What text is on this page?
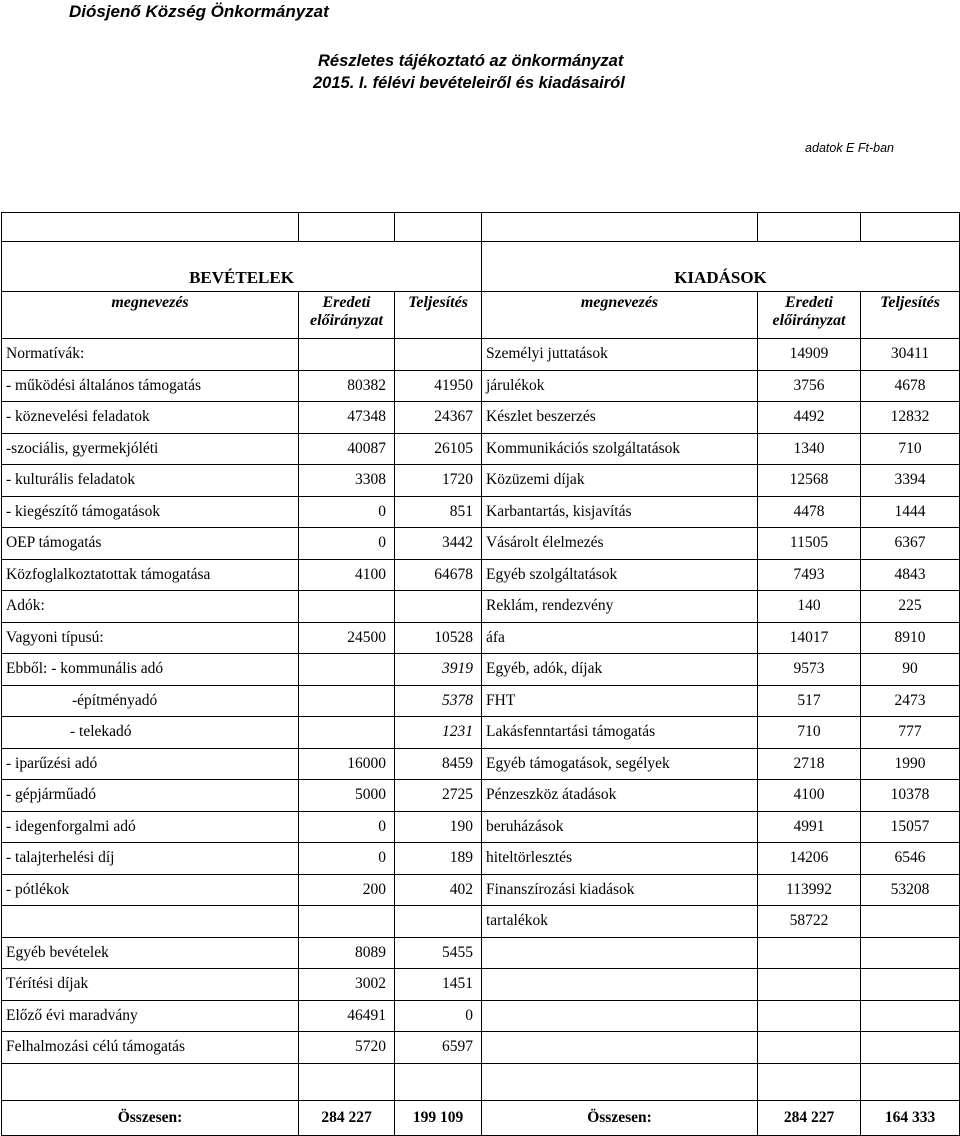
Diósjenő Község Önkormányzat
Részletes tájékoztató az önkormányzat
2015. I. félévi bevételeiről és kiadásairól
adatok E Ft-ban

BEVÉTELEK			KIADÁSOK		
megnevezés	Eredeti előirányzat	Teljesítés	megnevezés	Eredeti előirányzat	Teljesítés
Normatívák:			Személyi juttatások	14909	30411
- működési általános támogatás	80382	41950	járulékok	3756	4678
- köznevelési feladatok	47348	24367	Készlet beszerzés	4492	12832
-szociális, gyermekjóléti	40087	26105	Kommunikációs szolgáltatások	1340	710
- kulturális feladatok	3308	1720	Közüzemi díjak	12568	3394
- kiegészítő támogatások	0	851	Karbantartás, kisjavítás	4478	1444
OEP támogatás	0	3442	Vásárolt élelmezés	11505	6367
Közfoglalkoztatottak támogatása	4100	64678	Egyéb szolgáltatások	7493	4843
Adók:			Reklám, rendezvény	140	225
Vagyoni típusú:	24500	10528	áfa	14017	8910
Ebből: - kommunális adó		3919	Egyéb, adók, díjak	9573	90
-építményadó		5378	FHT	517	2473
- telekadó		1231	Lakásfenntartási támogatás	710	777
- iparűzési adó	16000	8459	Egyéb támogatások, segélyek	2718	1990
- gépjárműadó	5000	2725	Pénzeszköz átadások	4100	10378
- idegenforgalmi adó	0	190	beruházások	4991	15057
- talajterhelési díj	0	189	hiteltörlesztés	14206	6546
- pótlékok	200	402	Finanszírozási kiadások	113992	53208
			tartalékok	58722	
Egyéb bevételek	8089	5455			
Térítési díjak	3002	1451			
Előző évi maradvány	46491	0			
Felhalmozási célú támogatás	5720	6597			

Összesen:	284 227	199 109	Összesen:	284 227	164 333
